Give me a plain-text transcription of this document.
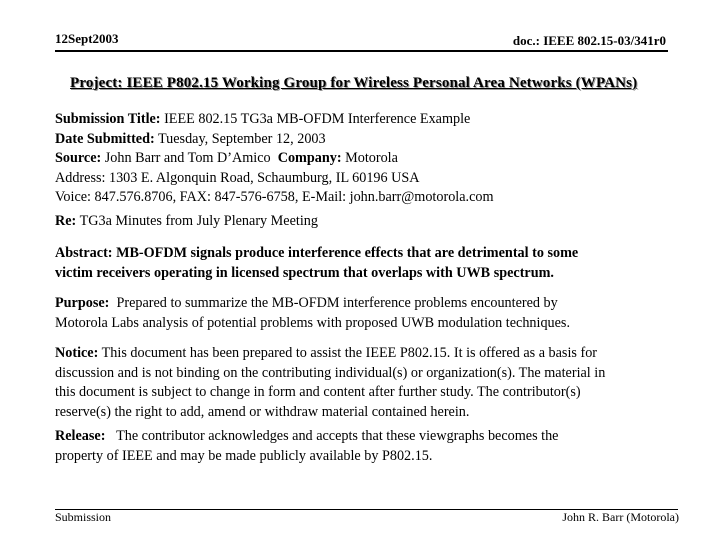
12Sept2003	doc.: IEEE 802.15-03/341r0
Project: IEEE P802.15 Working Group for Wireless Personal Area Networks (WPANs)
Submission Title: IEEE 802.15 TG3a MB-OFDM Interference Example
Date Submitted: Tuesday, September 12, 2003
Source: John Barr and Tom D’Amico Company: Motorola
Address: 1303 E. Algonquin Road, Schaumburg, IL 60196 USA
Voice: 847.576.8706, FAX: 847-576-6758, E-Mail: john.barr@motorola.com
Re: TG3a Minutes from July Plenary Meeting
Abstract: MB-OFDM signals produce interference effects that are detrimental to some
victim receivers operating in licensed spectrum that overlaps with UWB spectrum.
Purpose: Prepared to summarize the MB-OFDM interference problems encountered by
Motorola Labs analysis of potential problems with proposed UWB modulation techniques.
Notice: This document has been prepared to assist the IEEE P802.15. It is offered as a basis for
discussion and is not binding on the contributing individual(s) or organization(s). The material in
this document is subject to change in form and content after further study. The contributor(s)
reserve(s) the right to add, amend or withdraw material contained herein.
Release: The contributor acknowledges and accepts that these viewgraphs becomes the
property of IEEE and may be made publicly available by P802.15.
Submission	John R. Barr (Motorola)
